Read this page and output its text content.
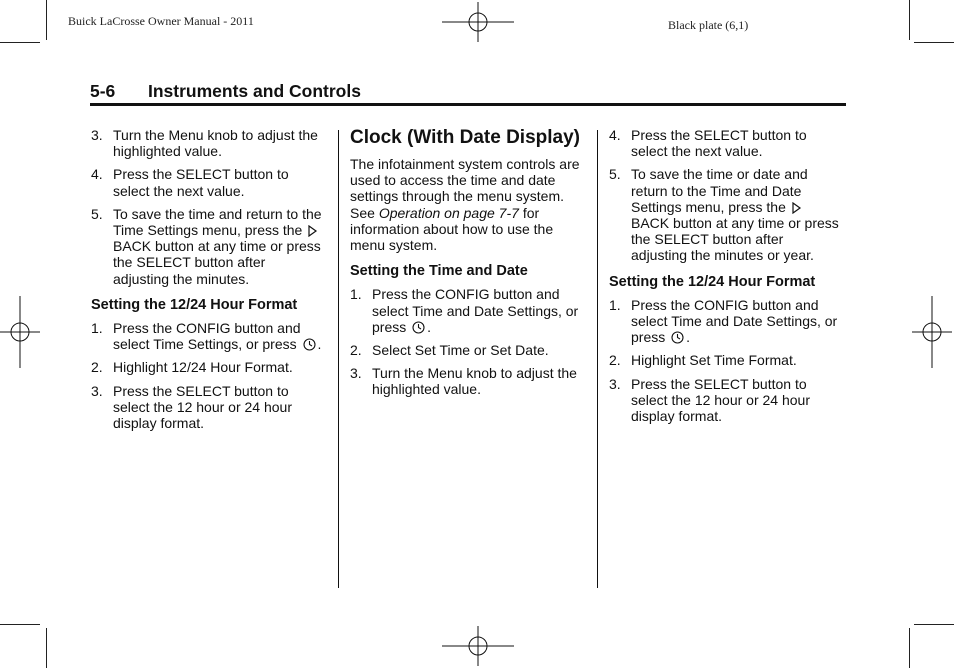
Buick LaCrosse Owner Manual - 2011	Black plate (6,1)
5-6 Instruments and Controls
3. Turn the Menu knob to adjust the highlighted value.
4. Press the SELECT button to select the next value.
5. To save the time and return to the Time Settings menu, press the BACK button at any time or press the SELECT button after adjusting the minutes.
Setting the 12/24 Hour Format
1. Press the CONFIG button and select Time Settings, or press .
2. Highlight 12/24 Hour Format.
3. Press the SELECT button to select the 12 hour or 24 hour display format.
Clock (With Date Display)
The infotainment system controls are used to access the time and date settings through the menu system. See Operation on page 7-7 for information about how to use the menu system.
Setting the Time and Date
1. Press the CONFIG button and select Time and Date Settings, or press .
2. Select Set Time or Set Date.
3. Turn the Menu knob to adjust the highlighted value.
4. Press the SELECT button to select the next value.
5. To save the time or date and return to the Time and Date Settings menu, press the BACK button at any time or press the SELECT button after adjusting the minutes or year.
Setting the 12/24 Hour Format
1. Press the CONFIG button and select Time and Date Settings, or press .
2. Highlight Set Time Format.
3. Press the SELECT button to select the 12 hour or 24 hour display format.
